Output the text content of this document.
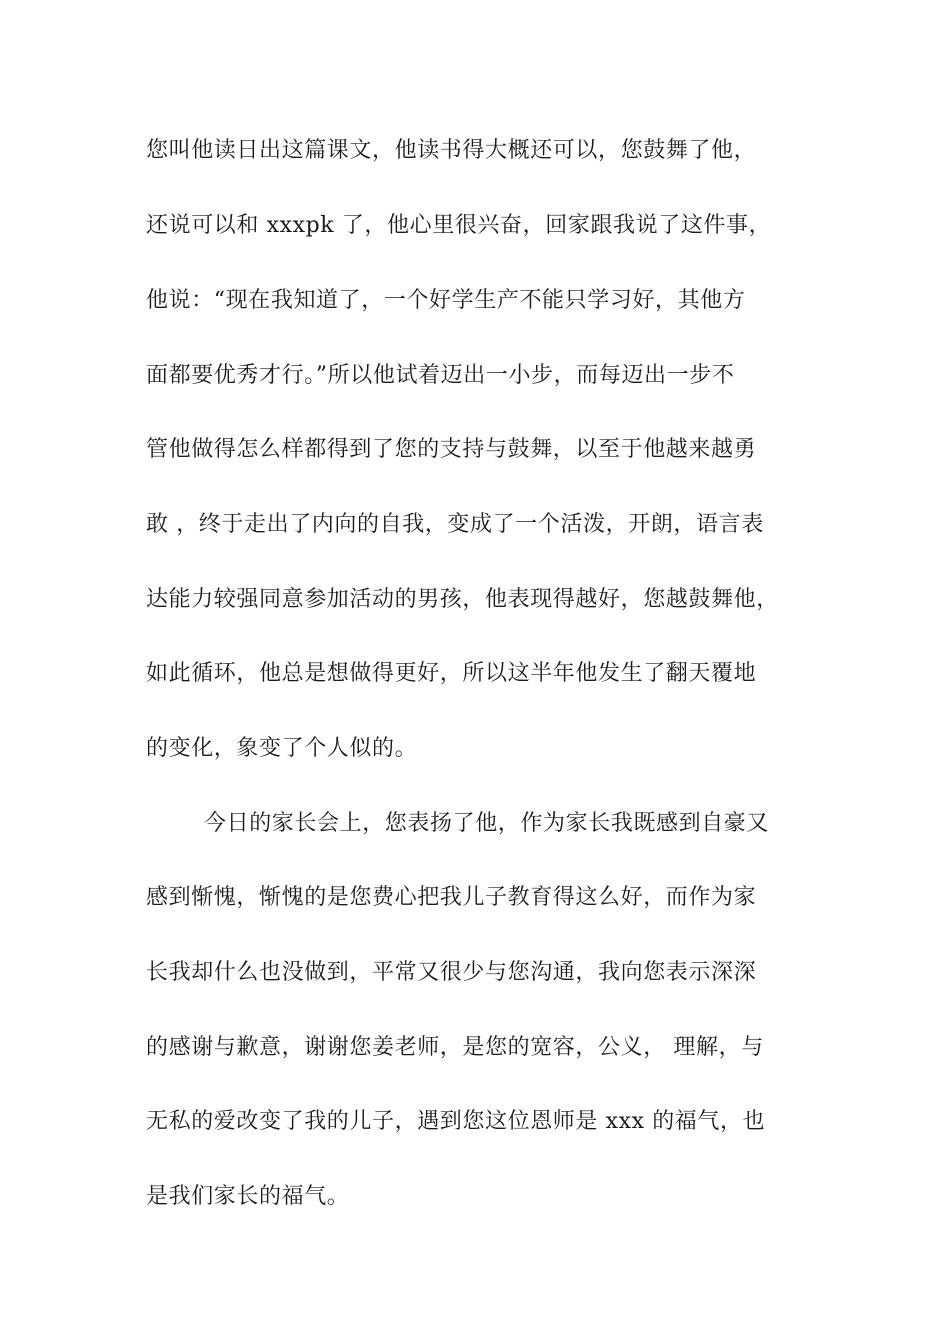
您叫他读日出这篇课文，他读书得大概还可以，您鼓舞了他，
还说可以和 xxxpk 了，他心里很兴奋，回家跟我说了这件事，
他说：“现在我知道了，一个好学生产不能只学习好，其他方
面都要优秀才行。”所以他试着迈出一小步，而每迈出一步不
管他做得怎么样都得到了您的支持与鼓舞，以至于他越来越勇
敢 ，终于走出了内向的自我，变成了一个活泼，开朗，语言表
达能力较强同意参加活动的男孩，他表现得越好，您越鼓舞他，
如此循环，他总是想做得更好，所以这半年他发生了翻天覆地
的变化，象变了个人似的。
今日的家长会上，您表扬了他，作为家长我既感到自豪又
感到惭愧，惭愧的是您费心把我儿子教育得这么好，而作为家
长我却什么也没做到，平常又很少与您沟通，我向您表示深深
的感谢与歉意，谢谢您姜老师，是您的宽容，公义， 理解，与
无私的爱改变了我的儿子，遇到您这位恩师是 xxx 的福气，也
是我们家长的福气。
